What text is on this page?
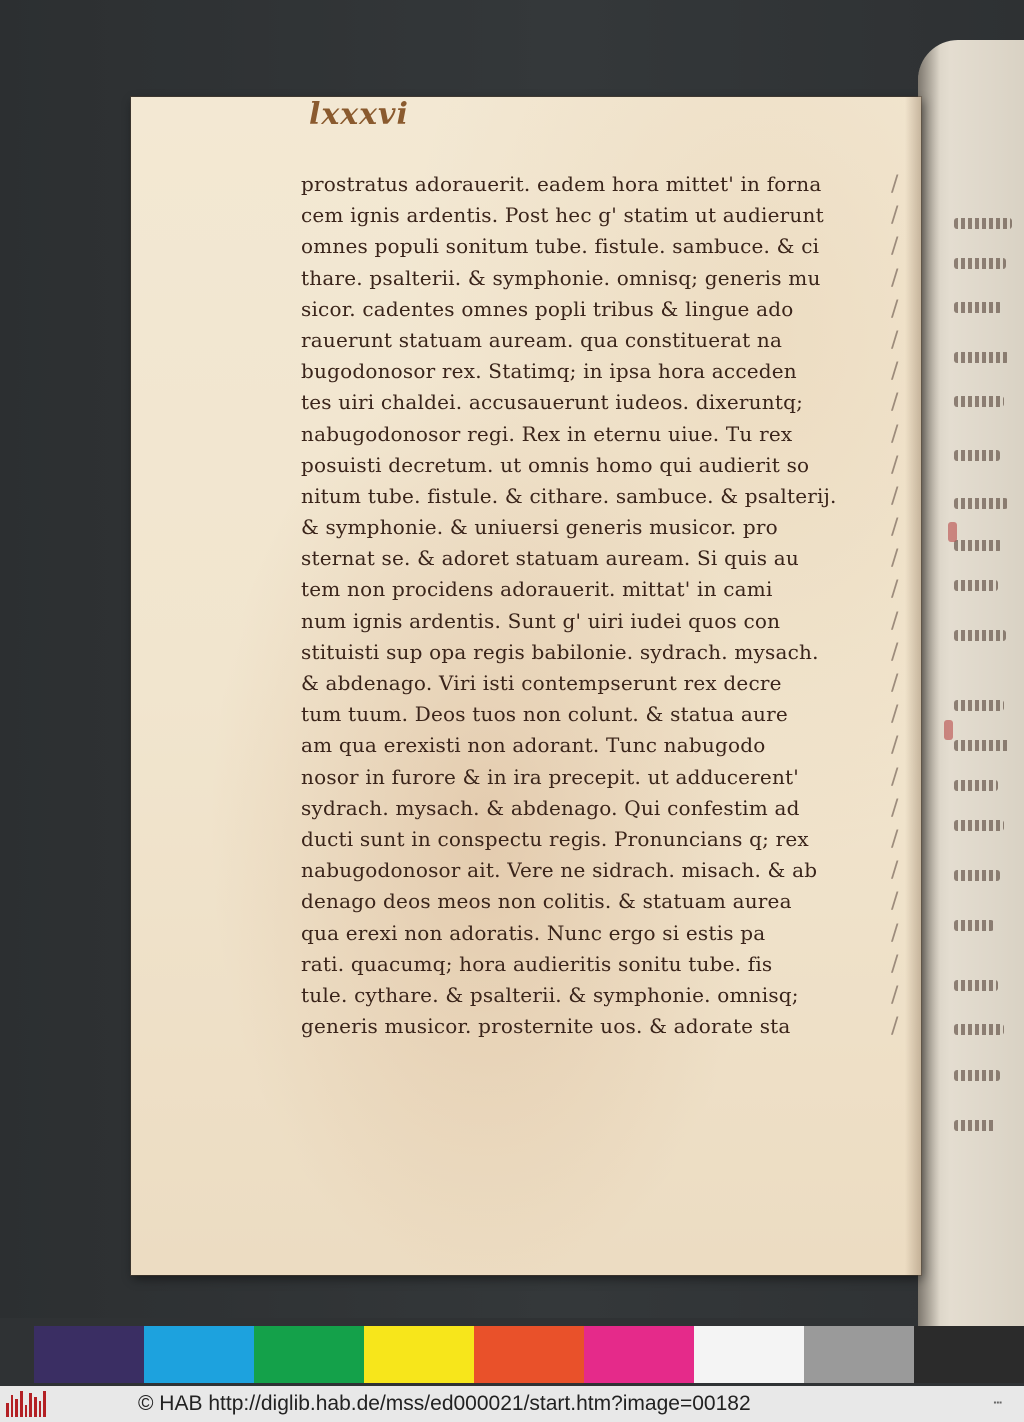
lxxxvi
prostratus adorauerit. eadem hora mittet' in forna
cem ignis ardentis. Post hec g' statim ut audierunt
omnes populi sonitum tube. fistule. sambuce. & ci
thare. psalterii. & symphonie. omnisq; generis mu
sicor. cadentes omnes popli tribus & lingue ado
rauerunt statuam auream. qua constituerat na
bugodonosor rex. Statimq; in ipsa hora acceden
tes uiri chaldei. accusauerunt iudeos. dixeruntq;
nabugodonosor regi. Rex in eternu uiue. Tu rex
posuisti decretum. ut omnis homo qui audierit so
nitum tube. fistule. & cithare. sambuce. & psalterij.
& symphonie. & uniuersi generis musicor. pro
sternat se. & adoret statuam auream. Si quis au
tem non procidens adorauerit. mittat' in cami
num ignis ardentis. Sunt g' uiri iudei quos con
stituisti sup opa regis babilonie. sydrach. mysach.
& abdenago. Viri isti contempserunt rex decre
tum tuum. Deos tuos non colunt. & statua aure
am qua erexisti non adorant. Tunc nabugodo
nosor in furore & in ira precepit. ut adducerent'
sydrach. mysach. & abdenago. Qui confestim ad
ducti sunt in conspectu regis. Pronuncians q; rex
nabugodonosor ait. Vere ne sidrach. misach. & ab
denago deos meos non colitis. & statuam aurea
qua erexi non adoratis. Nunc ergo si estis pa
rati. quacumq; hora audieritis sonitu tube. fis
tule. cythare. & psalterii. & symphonie. omnisq;
generis musicor. prosternite uos. & adorate sta
/
/
/
/
/
/
/
/
/
/
/
/
/
/
/
/
/
/
/
/
/
/
/
/
/
/
/
/
© HAB http://diglib.hab.de/mss/ed000021/start.htm?image=00182	▪▪▪
